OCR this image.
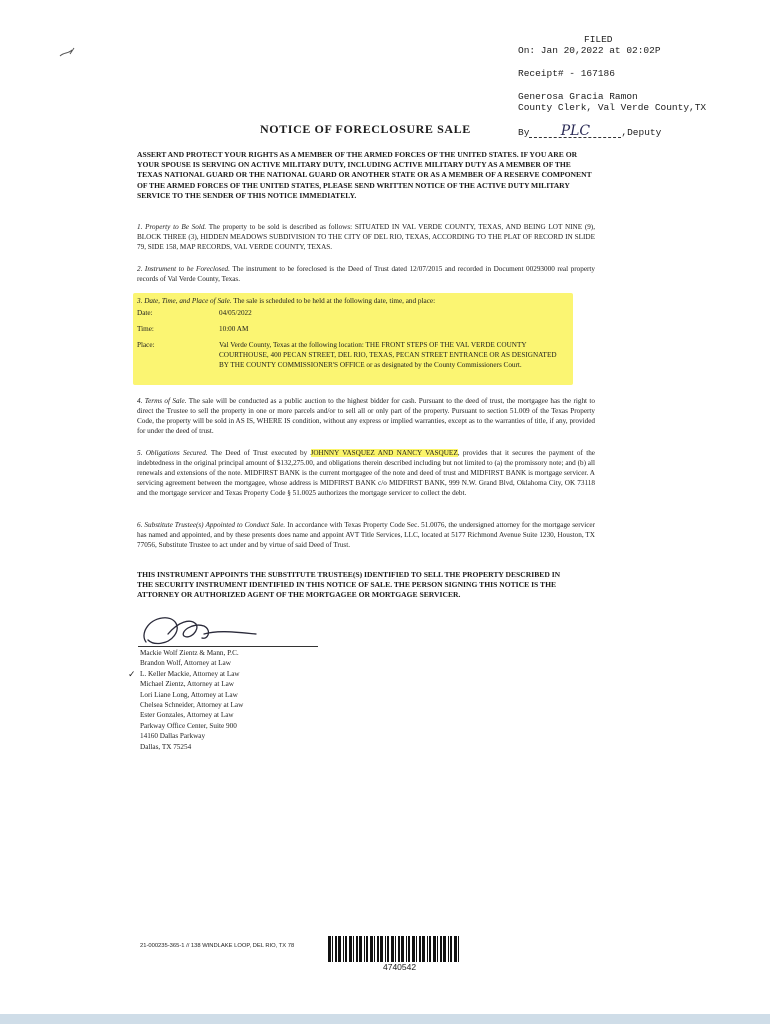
FILED
On: Jan 20,2022 at 02:02P
Receipt# - 167186
Generosa Gracia Ramon
County Clerk, Val Verde County,TX
By	PLC	,Deputy
NOTICE OF FORECLOSURE SALE
ASSERT AND PROTECT YOUR RIGHTS AS A MEMBER OF THE ARMED FORCES OF THE UNITED STATES. IF YOU ARE OR YOUR SPOUSE IS SERVING ON ACTIVE MILITARY DUTY, INCLUDING ACTIVE MILITARY DUTY AS A MEMBER OF THE TEXAS NATIONAL GUARD OR THE NATIONAL GUARD OR ANOTHER STATE OR AS A MEMBER OF A RESERVE COMPONENT OF THE ARMED FORCES OF THE UNITED STATES, PLEASE SEND WRITTEN NOTICE OF THE ACTIVE DUTY MILITARY SERVICE TO THE SENDER OF THIS NOTICE IMMEDIATELY.
1. Property to Be Sold. The property to be sold is described as follows: SITUATED IN VAL VERDE COUNTY, TEXAS, AND BEING LOT NINE (9), BLOCK THREE (3), HIDDEN MEADOWS SUBDIVISION TO THE CITY OF DEL RIO, TEXAS, ACCORDING TO THE PLAT OF RECORD IN SLIDE 79, SIDE 158, MAP RECORDS, VAL VERDE COUNTY, TEXAS.
2. Instrument to be Foreclosed. The instrument to be foreclosed is the Deed of Trust dated 12/07/2015 and recorded in Document 00293000 real property records of Val Verde County, Texas.
3. Date, Time, and Place of Sale. The sale is scheduled to be held at the following date, time, and place:
Date:	04/05/2022
Time:	10:00 AM
Place:	Val Verde County, Texas at the following location: THE FRONT STEPS OF THE VAL VERDE COUNTY COURTHOUSE, 400 PECAN STREET, DEL RIO, TEXAS, PECAN STREET ENTRANCE OR AS DESIGNATED BY THE COUNTY COMMISSIONER'S OFFICE or as designated by the County Commissioners Court.
4. Terms of Sale. The sale will be conducted as a public auction to the highest bidder for cash. Pursuant to the deed of trust, the mortgagee has the right to direct the Trustee to sell the property in one or more parcels and/or to sell all or only part of the property. Pursuant to section 51.009 of the Texas Property Code, the property will be sold in AS IS, WHERE IS condition, without any express or implied warranties, except as to the warranties of title, if any, provided for under the deed of trust.
5. Obligations Secured. The Deed of Trust executed by JOHNNY VASQUEZ AND NANCY VASQUEZ, provides that it secures the payment of the indebtedness in the original principal amount of $132,275.00, and obligations therein described including but not limited to (a) the promissory note; and (b) all renewals and extensions of the note. MIDFIRST BANK is the current mortgagee of the note and deed of trust and MIDFIRST BANK is mortgage servicer. A servicing agreement between the mortgagee, whose address is MIDFIRST BANK c/o MIDFIRST BANK, 999 N.W. Grand Blvd, Oklahoma City, OK 73118 and the mortgage servicer and Texas Property Code § 51.0025 authorizes the mortgage servicer to collect the debt.
6. Substitute Trustee(s) Appointed to Conduct Sale. In accordance with Texas Property Code Sec. 51.0076, the undersigned attorney for the mortgage servicer has named and appointed, and by these presents does name and appoint AVT Title Services, LLC, located at 5177 Richmond Avenue Suite 1230, Houston, TX 77056, Substitute Trustee to act under and by virtue of said Deed of Trust.
THIS INSTRUMENT APPOINTS THE SUBSTITUTE TRUSTEE(S) IDENTIFIED TO SELL THE PROPERTY DESCRIBED IN THE SECURITY INSTRUMENT IDENTIFIED IN THIS NOTICE OF SALE. THE PERSON SIGNING THIS NOTICE IS THE ATTORNEY OR AUTHORIZED AGENT OF THE MORTGAGEE OR MORTGAGE SERVICER.
Mackie Wolf Zientz & Mann, P.C.
Brandon Wolf, Attorney at Law
✓ L. Keller Mackie, Attorney at Law
Michael Zientz, Attorney at Law
Lori Liane Long, Attorney at Law
Chelsea Schneider, Attorney at Law
Ester Gonzales, Attorney at Law
Parkway Office Center, Suite 900
14160 Dallas Parkway
Dallas, TX 75254
21-000235-365-1 // 138 WINDLAKE LOOP, DEL RIO, TX 78
4740542
